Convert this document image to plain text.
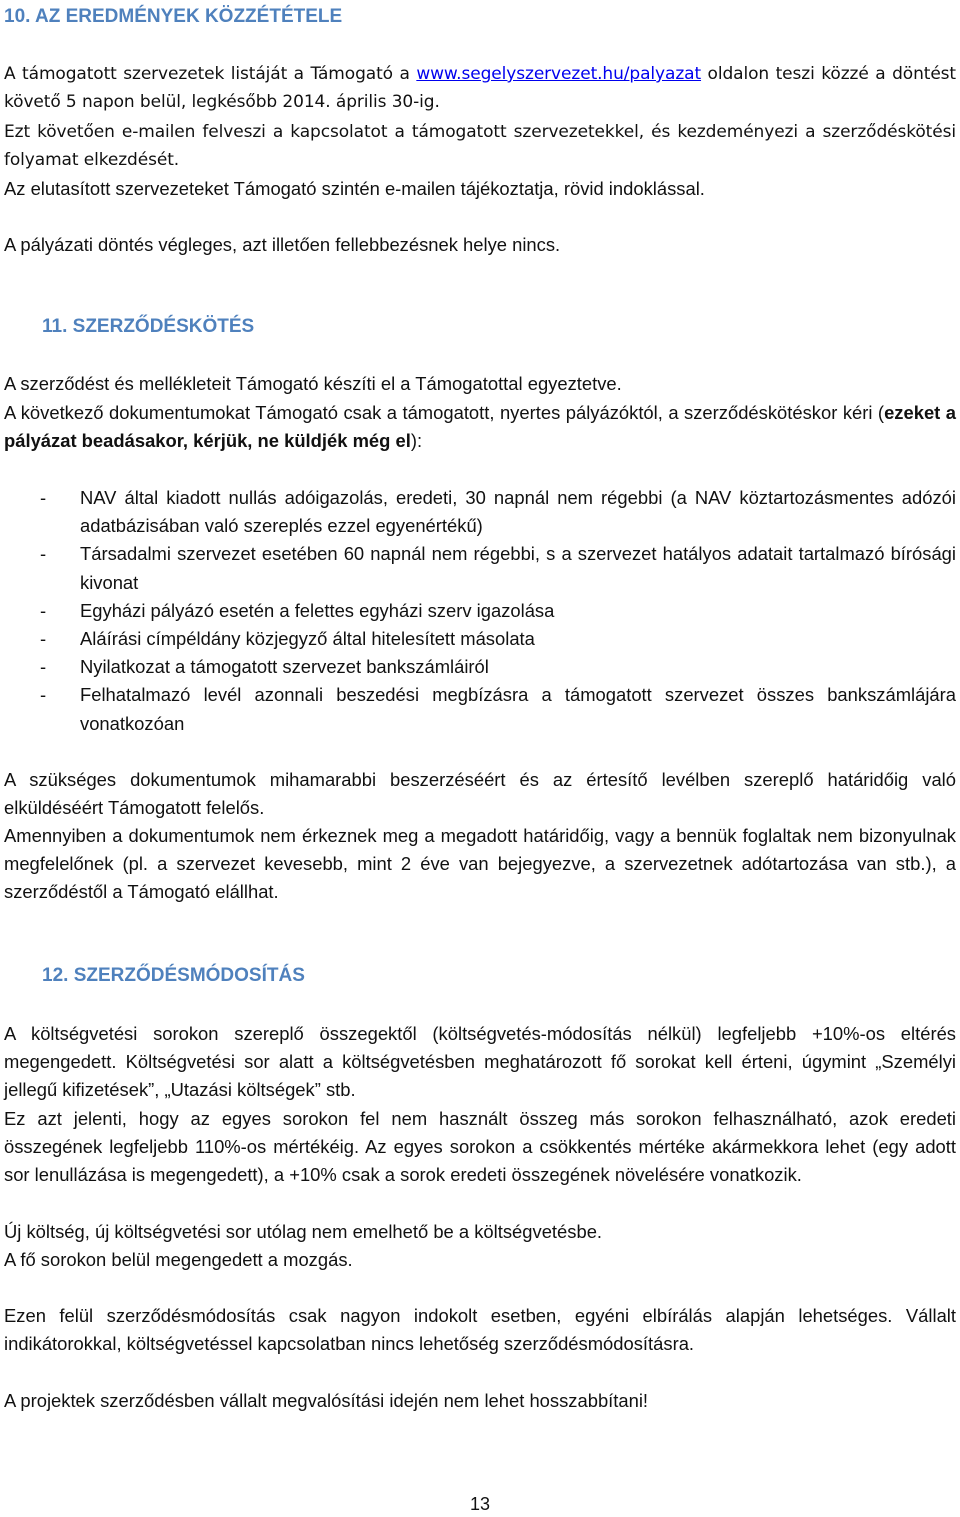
10. AZ EREDMÉNYEK KÖZZÉTÉTELE

A támogatott szervezetek listáját a Támogató a www.segelyszervezet.hu/palyazat oldalon teszi közzé a döntést követő 5 napon belül, legkésőbb 2014. április 30-ig.

Ezt követően e-mailen felveszi a kapcsolatot a támogatott szervezetekkel, és kezdeményezi a szerződéskötési folyamat elkezdését.

Az elutasított szervezeteket Támogató szintén e-mailen tájékoztatja, rövid indoklással.

A pályázati döntés végleges, azt illetően fellebbezésnek helye nincs.

11. SZERZŐDÉSKÖTÉS

A szerződést és mellékleteit Támogató készíti el a Támogatottal egyeztetve.

A következő dokumentumokat Támogató csak a támogatott, nyertes pályázóktól, a szerződéskötéskor kéri (ezeket a pályázat beadásakor, kérjük, ne küldjék még el):

- NAV által kiadott nullás adóigazolás, eredeti, 30 napnál nem régebbi (a NAV köztartozásmentes adózói adatbázisában való szereplés ezzel egyenértékű)
- Társadalmi szervezet esetében 60 napnál nem régebbi, s a szervezet hatályos adatait tartalmazó bírósági kivonat
- Egyházi pályázó esetén a felettes egyházi szerv igazolása
- Aláírási címpéldány közjegyző által hitelesített másolata
- Nyilatkozat a támogatott szervezet bankszámláiról
- Felhatalmazó levél azonnali beszedési megbízásra a támogatott szervezet összes bankszámlájára vonatkozóan

A szükséges dokumentumok mihamarabbi beszerzéséért és az értesítő levélben szereplő határidőig való elküldéséért Támogatott felelős.

Amennyiben a dokumentumok nem érkeznek meg a megadott határidőig, vagy a bennük foglaltak nem bizonyulnak megfelelőnek (pl. a szervezet kevesebb, mint 2 éve van bejegyezve, a szervezetnek adótartozása van stb.), a szerződéstől a Támogató elállhat.

12. SZERZŐDÉSMÓDOSÍTÁS

A költségvetési sorokon szereplő összegektől (költségvetés-módosítás nélkül) legfeljebb +10%-os eltérés megengedett. Költségvetési sor alatt a költségvetésben meghatározott fő sorokat kell érteni, úgymint „Személyi jellegű kifizetések”, „Utazási költségek” stb.

Ez azt jelenti, hogy az egyes sorokon fel nem használt összeg más sorokon felhasználható, azok eredeti összegének legfeljebb 110%-os mértékéig. Az egyes sorokon a csökkentés mértéke akármekkora lehet (egy adott sor lenullázása is megengedett), a +10% csak a sorok eredeti összegének növelésére vonatkozik.

Új költség, új költségvetési sor utólag nem emelhető be a költségvetésbe.

A fő sorokon belül megengedett a mozgás.

Ezen felül szerződésmódosítás csak nagyon indokolt esetben, egyéni elbírálás alapján lehetséges. Vállalt indikátorokkal, költségvetéssel kapcsolatban nincs lehetőség szerződésmódosításra.

A projektek szerződésben vállalt megvalósítási idején nem lehet hosszabbítani!

13
